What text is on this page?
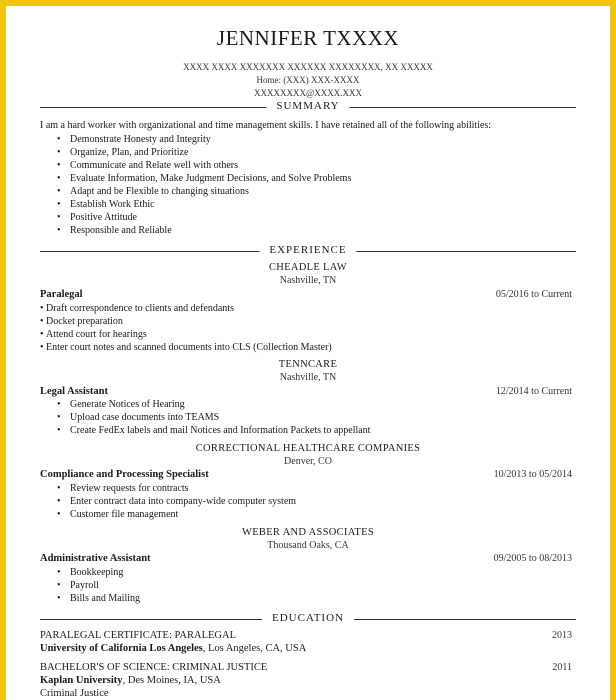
JENNIFER TXXXX
XXXX XXXX XXXXXXX XXXXXX XXXXXXXX, XX XXXXX
Home: (XXX) XXX-XXXX
XXXXXXXX@XXXX.XXX
SUMMARY
I am a hard worker with organizational and time management skills. I have retained all of the following abilities:
• Demonstrate Honesty and Integrity
• Organize, Plan, and Prioritize
• Communicate and Relate well with others
• Evaluate Information, Make Judgment Decisions, and Solve Problems
• Adapt and be Flexible to changing situations
• Establish Work Ethic
• Positive Attitude
• Responsible and Reliable
EXPERIENCE
CHEADLE LAW
Nashville, TN
Paralegal	05/2016 to Current
• Draft correspondence to clients and defendants
• Docket preparation
• Attend court for hearings
• Enter court notes and scanned documents into CLS (Collection Master)
TENNCARE
Nashville, TN
Legal Assistant	12/2014 to Current
• Generate Notices of Hearing
• Upload case documents into TEAMS
• Create FedEx labels and mail Notices and Information Packets to appellant
CORRECTIONAL HEALTHCARE COMPANIES
Denver, CO
Compliance and Processing Specialist	10/2013 to 05/2014
• Review requests for contracts
• Enter contract data into company-wide computer system
• Customer file management
WEBER AND ASSOCIATES
Thousand Oaks, CA
Administrative Assistant	09/2005 to 08/2013
• Bookkeeping
• Payroll
• Bills and Mailing
EDUCATION
PARALEGAL CERTIFICATE: PARALEGAL	2013
University of California Los Angeles, Los Angeles, CA, USA
BACHELOR'S OF SCIENCE: CRIMINAL JUSTICE	2011
Kaplan University, Des Moines, IA, USA
Criminal Justice
